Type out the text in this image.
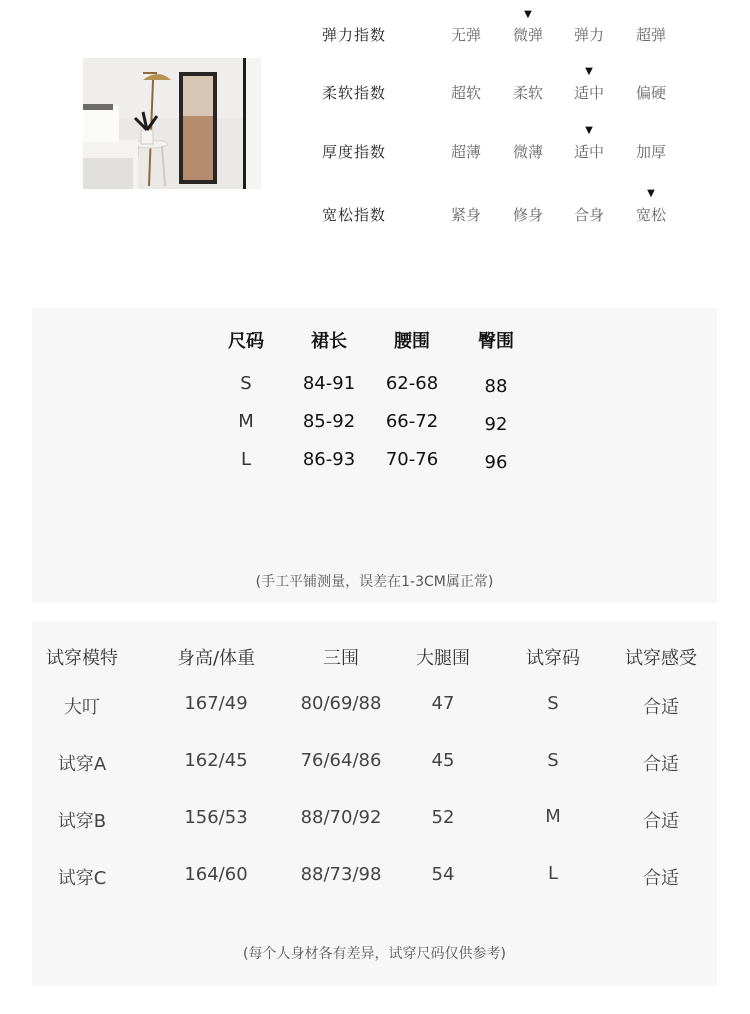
弹力指数	无弹	微弹	弹力	超弹
▼
柔软指数	超软	柔软	适中	偏硬
▼
厚度指数	超薄	微薄	适中	加厚
▼
宽松指数	紧身	修身	合身	宽松
▼
尺码	裙长	腰围	臀围
S	84-91	62-68	88
M	85-92	66-72	92
L	86-93	70-76	96
(手工平铺测量，误差在1-3CM属正常)
试穿模特	身高/体重	三围	大腿围	试穿码	试穿感受
大叮	167/49	80/69/88	47	S	合适
试穿A	162/45	76/64/86	45	S	合适
试穿B	156/53	88/70/92	52	M	合适
试穿C	164/60	88/73/98	54	L	合适
(每个人身材各有差异，试穿尺码仅供参考)
